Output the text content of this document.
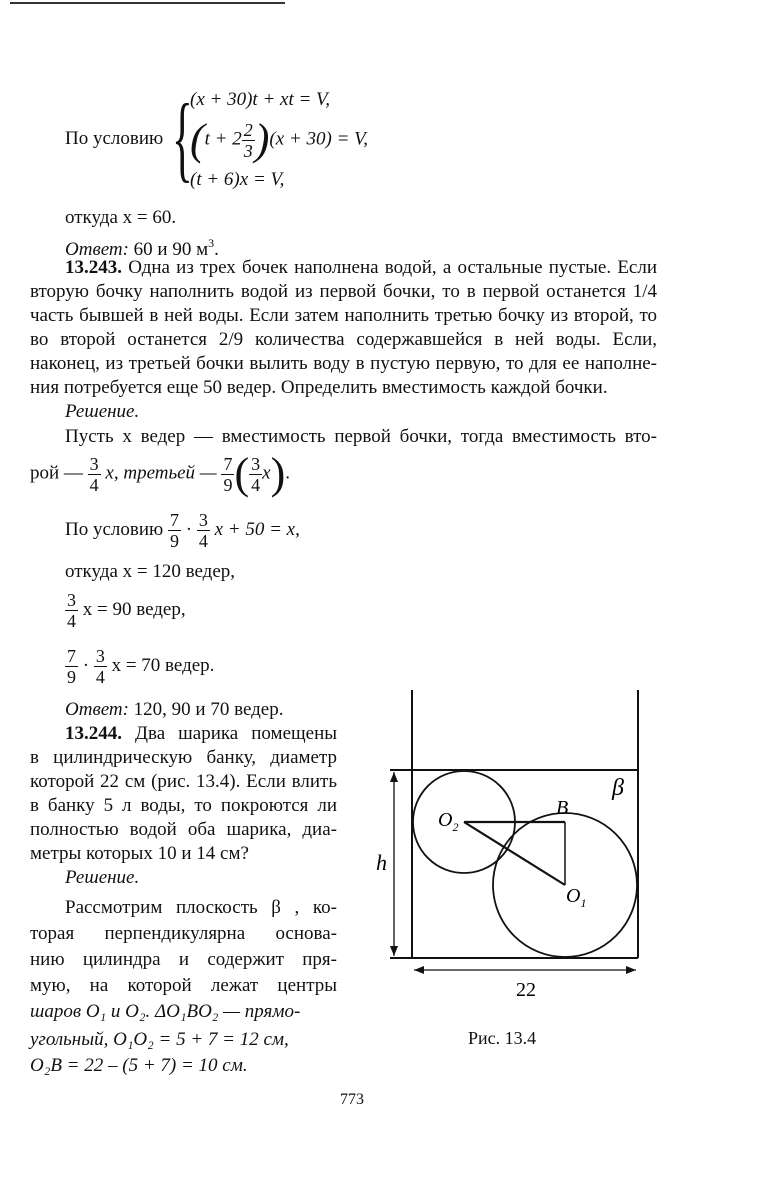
По условию {
(x + 30)t + xt = V,
$(t + 2 \frac{2}{3} )(x + 30) = V$,
(t + 6)x = V,
откуда x = 60.
Ответ: 60 и 90 $м^3$.
13.243. Одна из трех бочек наполнена водой, а остальные пустые. Если
вторую бочку наполнить водой из первой бочки, то в первой останется 1/4
часть бывшей в ней воды. Если затем наполнить третью бочку из второй, то
во второй останется 2/9 количества содержавшейся в ней воды. Если,
наконец, из третьей бочки вылить воду в пустую первую, то для ее наполне-
ния потребуется еще 50 ведер. Определить вместимость каждой бочки.
Решение.
Пусть x ведер — вместимость первой бочки, тогда вместимость вто-
рой — $\frac{3}{4} x$, третьей — $\frac{7}{9}$ ( $\frac{3}{4} x$).
По условию $\frac{7}{9} \cdot \frac{3}{4}$ x + 50 = x,
откуда x = 120 ведер,
$\frac{3}{4}$ x = 90 ведер,
$\frac{7}{9} \cdot \frac{3}{4}$ x = 70 ведер.
Ответ: 120, 90 и 70 ведер.
13.244. Два шарика помещены
в цилиндрическую банку, диаметр
которой 22 см (рис. 13.4). Если влить
в банку 5 л воды, то покроются ли
полностью водой оба шарика, диа-
метры которых 10 и 14 см?
Решение.
Рассмотрим плоскость β , ко-
торая перпендикулярна основа-
нию цилиндра и содержит пря-
мую, на которой лежат центры
шаров O₁ и O₂. ΔO₁BO₂ — прямо-
угольный, O₁O₂ = 5 + 7 = 12 см,
O₂B = 22 – (5 + 7) = 10 см.
β
h
B
$O_2$
$O_1$
22
Рис. 13.4
773
